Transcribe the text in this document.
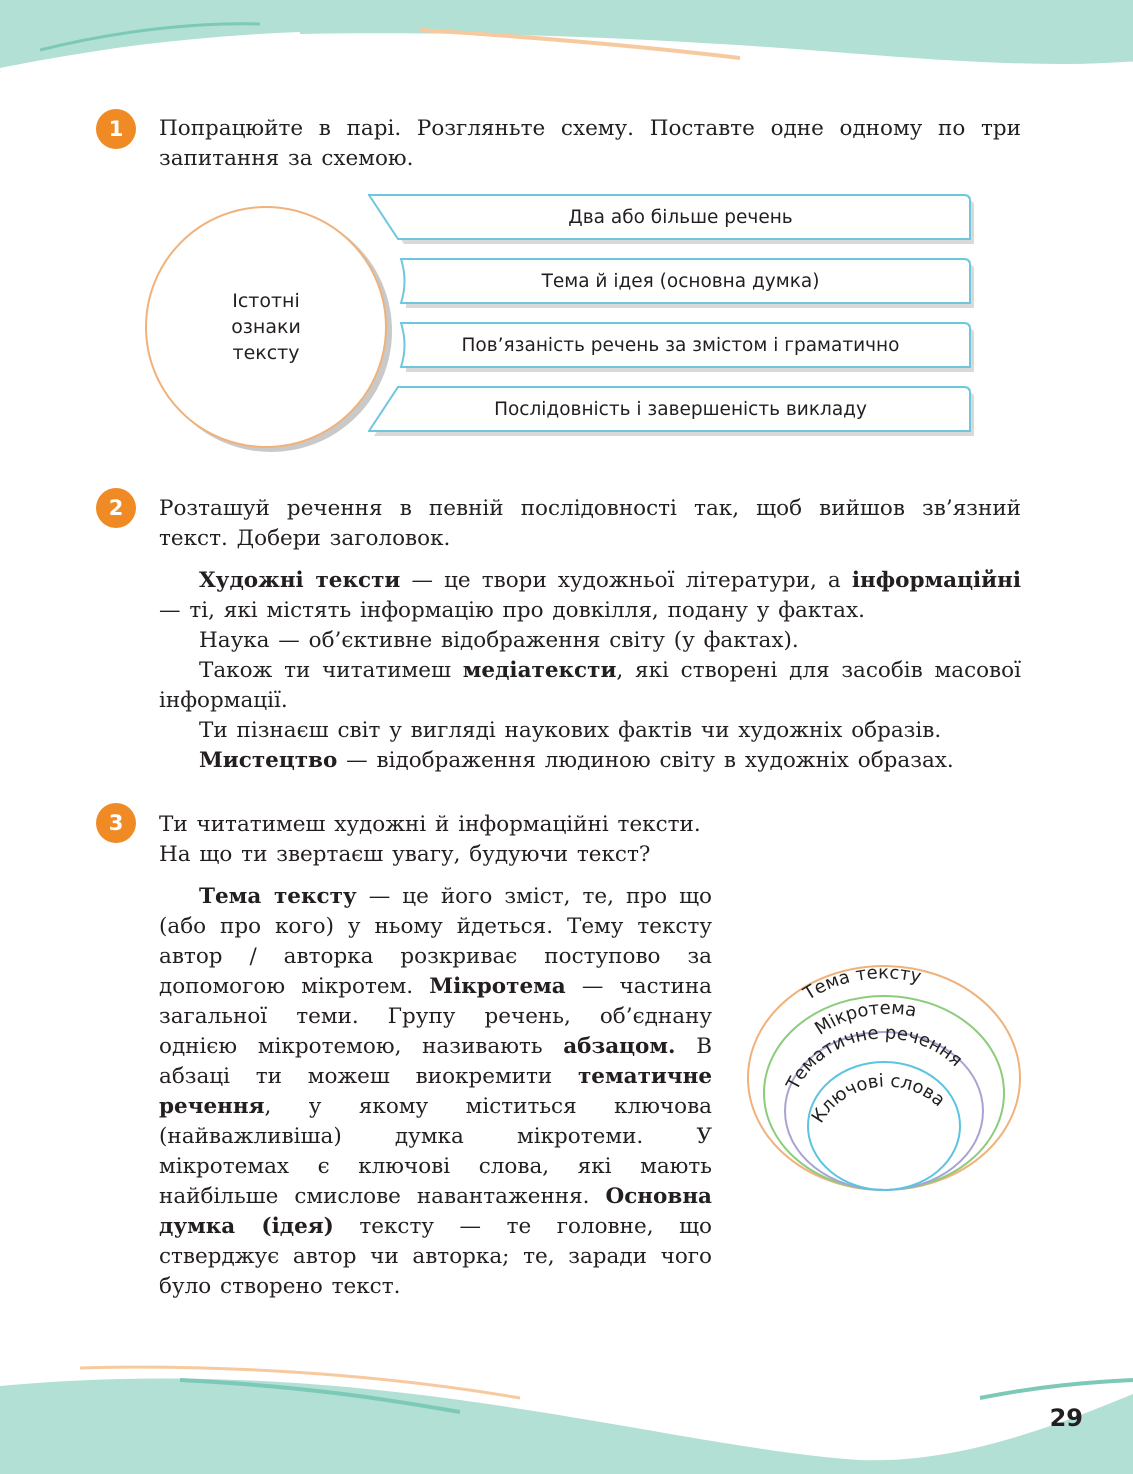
1 Попрацюйте в парі. Розгляньте схему. Поставте одне одному по три запитання за схемою.

Істотні ознаки тексту
Два або більше речень
Тема й ідея (основна думка)
Пов’язаність речень за змістом і граматично
Послідовність і завершеність викладу
2 Розташуй речення в певній послідовності так, щоб вийшов зв’язний текст. Добери заголовок.

Художні тексти — це твори художньої літератури, а інформаційні — ті, які містять інформацію про довкілля, подану у фактах.

Наука — об’єктивне відображення світу (у фактах).

Також ти читатимеш медіатексти, які створені для засобів масової інформації.

Ти пізнаєш світ у вигляді наукових фактів чи художніх образів.

Мистецтво — відображення людиною світу в художніх образах.

3 Ти читатимеш художні й інформаційні тексти.

На що ти звертаєш увагу, будуючи текст?

Тема тексту — це його зміст, те, про що (або про кого) у ньому йдеться. Тему тексту автор / авторка розкриває поступово за допомогою мікротем. Мікротема — частина загальної теми. Групу речень, об’єднану однією мікротемою, називають абзацом. В абзаці ти можеш виокремити тематичне речення, у якому міститься ключова (найважливіша) думка мікротеми. У мікротемах є ключові слова, які мають найбільше смислове навантаження. Основна думка (ідея) тексту — те головне, що стверджує автор чи авторка; те, заради чого було створено текст.

Тема тексту
Мікротема
Тематичне речення
Ключові слова
29
